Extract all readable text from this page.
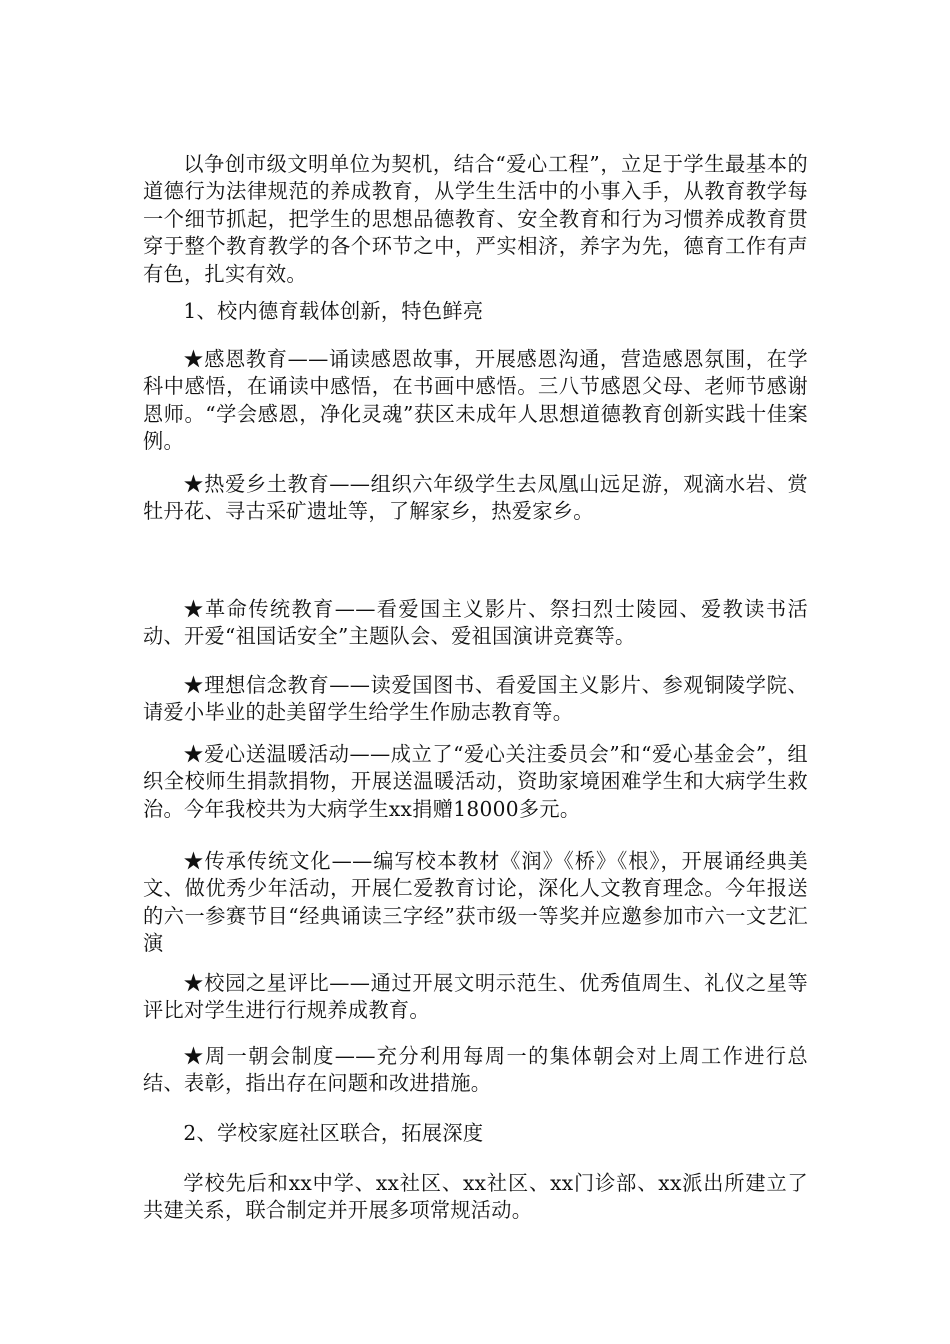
以争创市级文明单位为契机，结合“爱心工程”，立足于学生最基本的道德行为法律规范的养成教育，从学生生活中的小事入手，从教育教学每一个细节抓起，把学生的思想品德教育、安全教育和行为习惯养成教育贯穿于整个教育教学的各个环节之中，严实相济，养字为先，德育工作有声有色，扎实有效。

1、校内德育载体创新，特色鲜亮

★感恩教育——诵读感恩故事，开展感恩沟通，营造感恩氛围，在学科中感悟，在诵读中感悟，在书画中感悟。三八节感恩父母、老师节感谢恩师。“学会感恩，净化灵魂”获区未成年人思想道德教育创新实践十佳案例。

★热爱乡土教育——组织六年级学生去凤凰山远足游，观滴水岩、赏牡丹花、寻古采矿遗址等，了解家乡，热爱家乡。

★革命传统教育——看爱国主义影片、祭扫烈士陵园、爱教读书活动、开爱“祖国话安全”主题队会、爱祖国演讲竞赛等。

★理想信念教育——读爱国图书、看爱国主义影片、参观铜陵学院、请爱小毕业的赴美留学生给学生作励志教育等。

★爱心送温暖活动——成立了“爱心关注委员会”和“爱心基金会”，组织全校师生捐款捐物，开展送温暖活动，资助家境困难学生和大病学生救治。今年我校共为大病学生xx捐赠18000多元。

★传承传统文化——编写校本教材《润》《桥》《根》，开展诵经典美文、做优秀少年活动，开展仁爱教育讨论，深化人文教育理念。今年报送的六一参赛节目“经典诵读三字经”获市级一等奖并应邀参加市六一文艺汇演

★校园之星评比——通过开展文明示范生、优秀值周生、礼仪之星等评比对学生进行行规养成教育。

★周一朝会制度——充分利用每周一的集体朝会对上周工作进行总结、表彰，指出存在问题和改进措施。

2、学校家庭社区联合，拓展深度

学校先后和xx中学、xx社区、xx社区、xx门诊部、xx派出所建立了共建关系，联合制定并开展多项常规活动。
